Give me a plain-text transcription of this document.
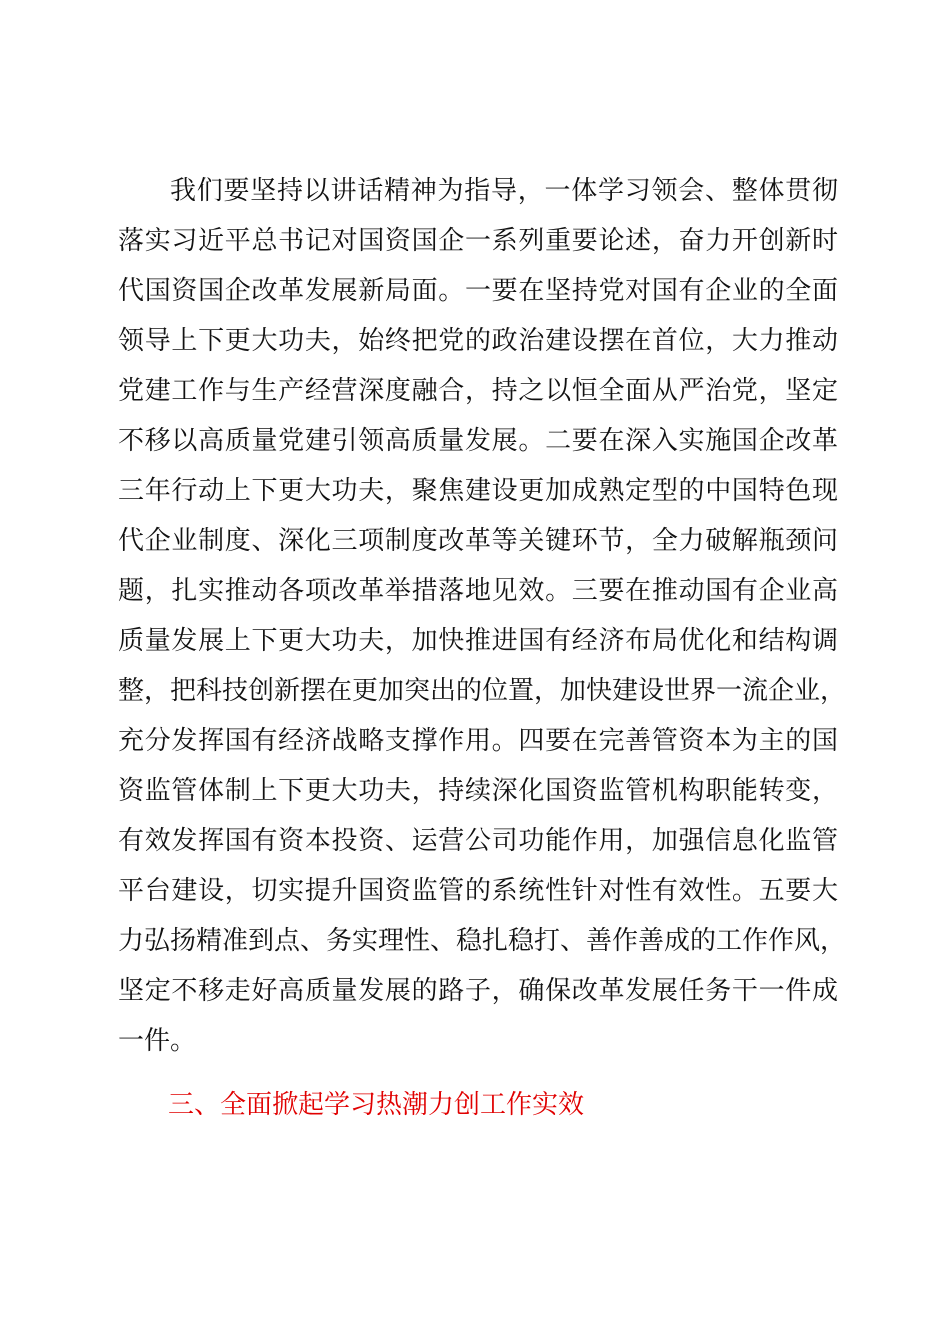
我们要坚持以讲话精神为指导，一体学习领会、整体贯彻
落实习近平总书记对国资国企一系列重要论述，奋力开创新时
代国资国企改革发展新局面。一要在坚持党对国有企业的全面
领导上下更大功夫，始终把党的政治建设摆在首位，大力推动
党建工作与生产经营深度融合，持之以恒全面从严治党，坚定
不移以高质量党建引领高质量发展。二要在深入实施国企改革
三年行动上下更大功夫，聚焦建设更加成熟定型的中国特色现
代企业制度、深化三项制度改革等关键环节，全力破解瓶颈问
题，扎实推动各项改革举措落地见效。三要在推动国有企业高
质量发展上下更大功夫，加快推进国有经济布局优化和结构调
整，把科技创新摆在更加突出的位置，加快建设世界一流企业，
充分发挥国有经济战略支撑作用。四要在完善管资本为主的国
资监管体制上下更大功夫，持续深化国资监管机构职能转变，
有效发挥国有资本投资、运营公司功能作用，加强信息化监管
平台建设，切实提升国资监管的系统性针对性有效性。五要大
力弘扬精准到点、务实理性、稳扎稳打、善作善成的工作作风，
坚定不移走好高质量发展的路子，确保改革发展任务干一件成
一件。
三、全面掀起学习热潮力创工作实效
